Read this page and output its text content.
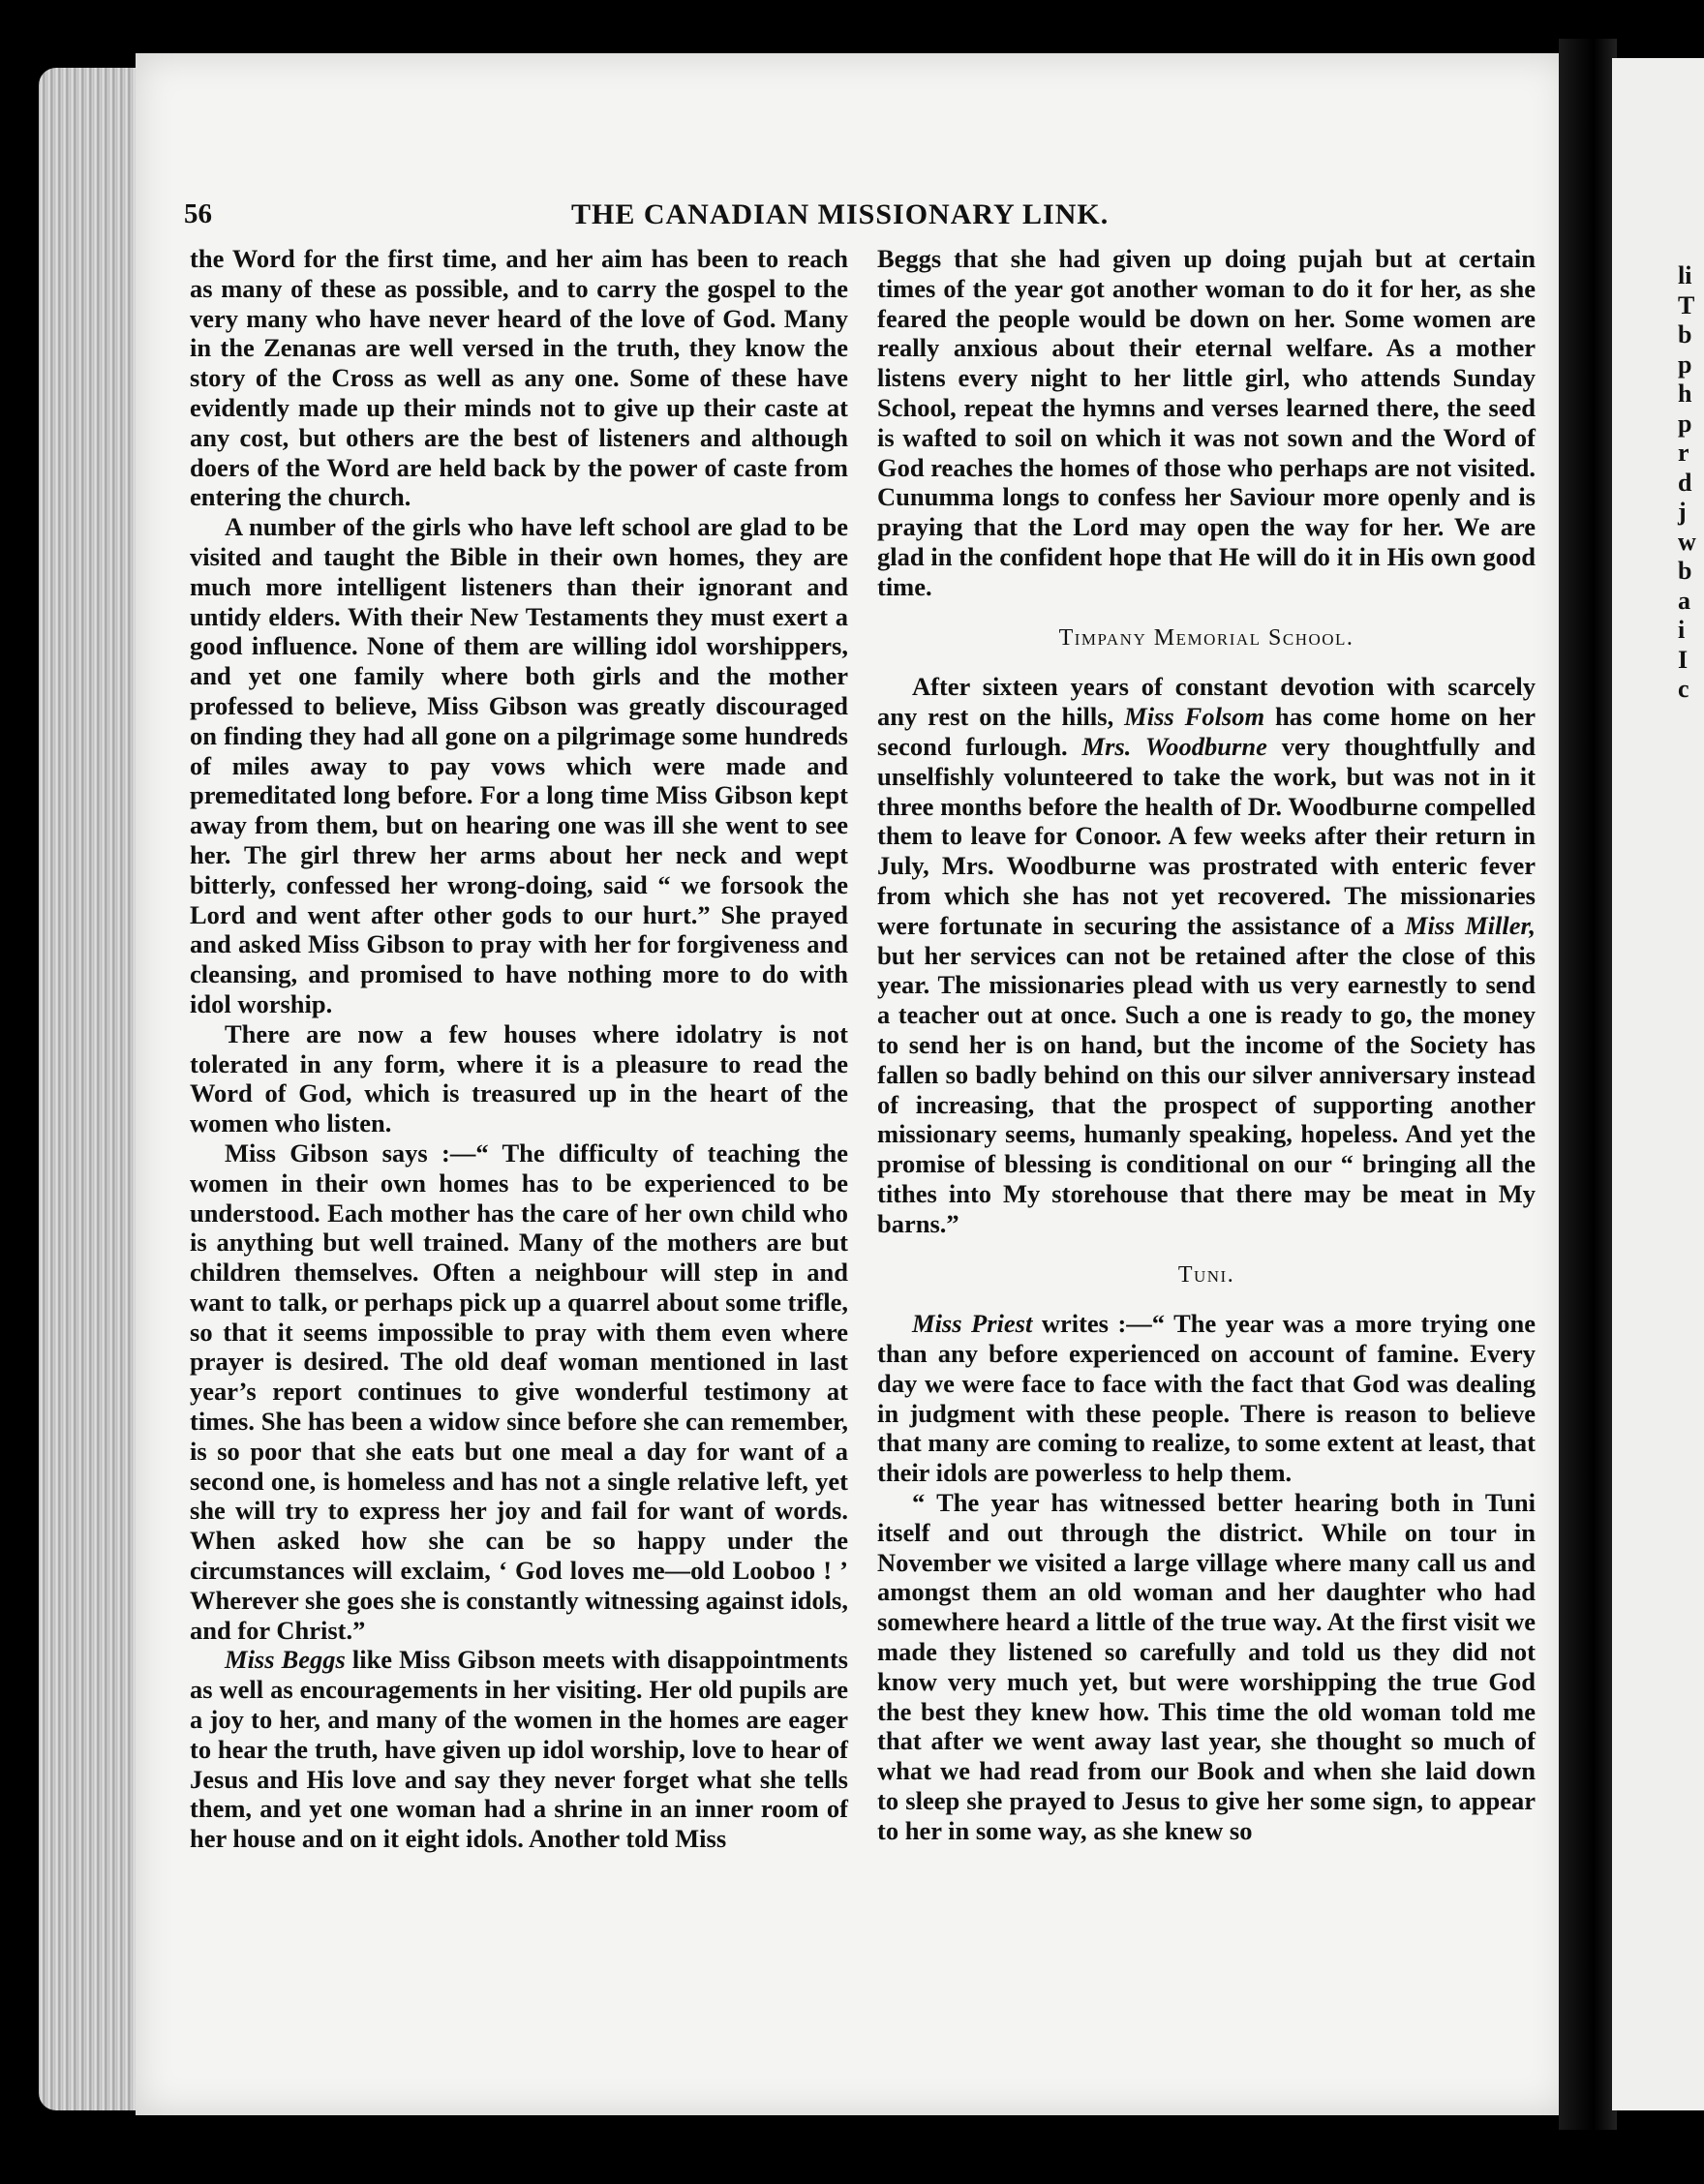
li
T
b
p
h
p
r
d
j
w
b
a
i
I
c
56	THE CANADIAN MISSIONARY LINK.

the Word for the first time, and her aim has been to reach as many of these as possible, and to carry the gospel to the very many who have never heard of the love of God. Many in the Zenanas are well versed in the truth, they know the story of the Cross as well as any one. Some of these have evidently made up their minds not to give up their caste at any cost, but others are the best of listeners and although doers of the Word are held back by the power of caste from entering the church.

A number of the girls who have left school are glad to be visited and taught the Bible in their own homes, they are much more intelligent listeners than their ignorant and untidy elders. With their New Testaments they must exert a good influence. None of them are willing idol worshippers, and yet one family where both girls and the mother professed to believe, Miss Gibson was greatly discouraged on finding they had all gone on a pilgrimage some hundreds of miles away to pay vows which were made and premeditated long before. For a long time Miss Gibson kept away from them, but on hearing one was ill she went to see her. The girl threw her arms about her neck and wept bitterly, confessed her wrong-doing, said “ we forsook the Lord and went after other gods to our hurt.” She prayed and asked Miss Gibson to pray with her for forgiveness and cleansing, and promised to have nothing more to do with idol worship.

There are now a few houses where idolatry is not tolerated in any form, where it is a pleasure to read the Word of God, which is treasured up in the heart of the women who listen.

Miss Gibson says :—“ The difficulty of teaching the women in their own homes has to be experienced to be understood. Each mother has the care of her own child who is anything but well trained. Many of the mothers are but children themselves. Often a neighbour will step in and want to talk, or perhaps pick up a quarrel about some trifle, so that it seems impossible to pray with them even where prayer is desired. The old deaf woman mentioned in last year’s report continues to give wonderful testimony at times. She has been a widow since before she can remember, is so poor that she eats but one meal a day for want of a second one, is homeless and has not a single relative left, yet she will try to express her joy and fail for want of words. When asked how she can be so happy under the circumstances will exclaim, ‘ God loves me—old Looboo ! ’ Wherever she goes she is constantly witnessing against idols, and for Christ.”

Miss Beggs like Miss Gibson meets with disappointments as well as encouragements in her visiting. Her old pupils are a joy to her, and many of the women in the homes are eager to hear the truth, have given up idol worship, love to hear of Jesus and His love and say they never forget what she tells them, and yet one woman had a shrine in an inner room of her house and on it eight idols. Another told Miss

Beggs that she had given up doing pujah but at certain times of the year got another woman to do it for her, as she feared the people would be down on her. Some women are really anxious about their eternal welfare. As a mother listens every night to her little girl, who attends Sunday School, repeat the hymns and verses learned there, the seed is wafted to soil on which it was not sown and the Word of God reaches the homes of those who perhaps are not visited. Cunumma longs to confess her Saviour more openly and is praying that the Lord may open the way for her. We are glad in the confident hope that He will do it in His own good time.

Timpany Memorial School.

After sixteen years of constant devotion with scarcely any rest on the hills, Miss Folsom has come home on her second furlough. Mrs. Woodburne very thoughtfully and unselfishly volunteered to take the work, but was not in it three months before the health of Dr. Woodburne compelled them to leave for Conoor. A few weeks after their return in July, Mrs. Woodburne was prostrated with enteric fever from which she has not yet recovered. The missionaries were fortunate in securing the assistance of a Miss Miller, but her services can not be retained after the close of this year. The missionaries plead with us very earnestly to send a teacher out at once. Such a one is ready to go, the money to send her is on hand, but the income of the Society has fallen so badly behind on this our silver anniversary instead of increasing, that the prospect of supporting another missionary seems, humanly speaking, hopeless. And yet the promise of blessing is conditional on our “ bringing all the tithes into My storehouse that there may be meat in My barns.”

Tuni.

Miss Priest writes :—“ The year was a more trying one than any before experienced on account of famine. Every day we were face to face with the fact that God was dealing in judgment with these people. There is reason to believe that many are coming to realize, to some extent at least, that their idols are powerless to help them.

“ The year has witnessed better hearing both in Tuni itself and out through the district. While on tour in November we visited a large village where many call us and amongst them an old woman and her daughter who had somewhere heard a little of the true way. At the first visit we made they listened so carefully and told us they did not know very much yet, but were worshipping the true God the best they knew how. This time the old woman told me that after we went away last year, she thought so much of what we had read from our Book and when she laid down to sleep she prayed to Jesus to give her some sign, to appear to her in some way, as she knew so
